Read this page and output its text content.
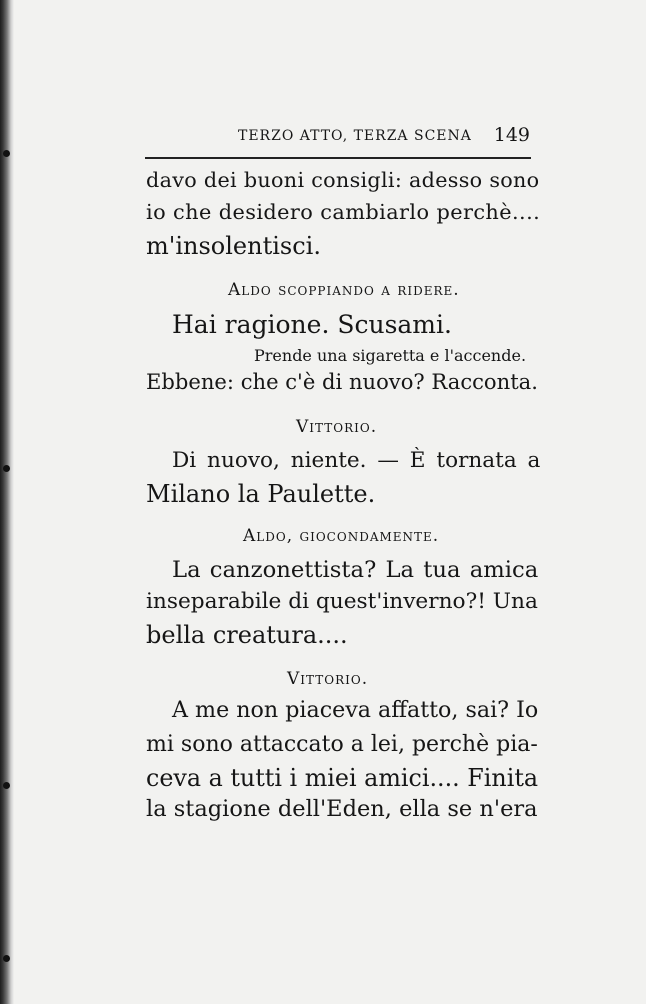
TERZO ATTO, TERZA SCENA 149
davo dei buoni consigli: adesso sono
io che desidero cambiarlo perchè....
m'insolentisci.
Aldo scoppiando a ridere.
Hai ragione. Scusami.
Prende una sigaretta e l'accende.
Ebbene: che c'è di nuovo? Racconta.
Vittorio.
Di nuovo, niente. — È tornata a
Milano la Paulette.
Aldo, giocondamente.
La canzonettista? La tua amica
inseparabile di quest'inverno?! Una
bella creatura....
Vittorio.
A me non piaceva affatto, sai? Io
mi sono attaccato a lei, perchè pia-
ceva a tutti i miei amici.... Finita
la stagione dell'Eden, ella se n'era
